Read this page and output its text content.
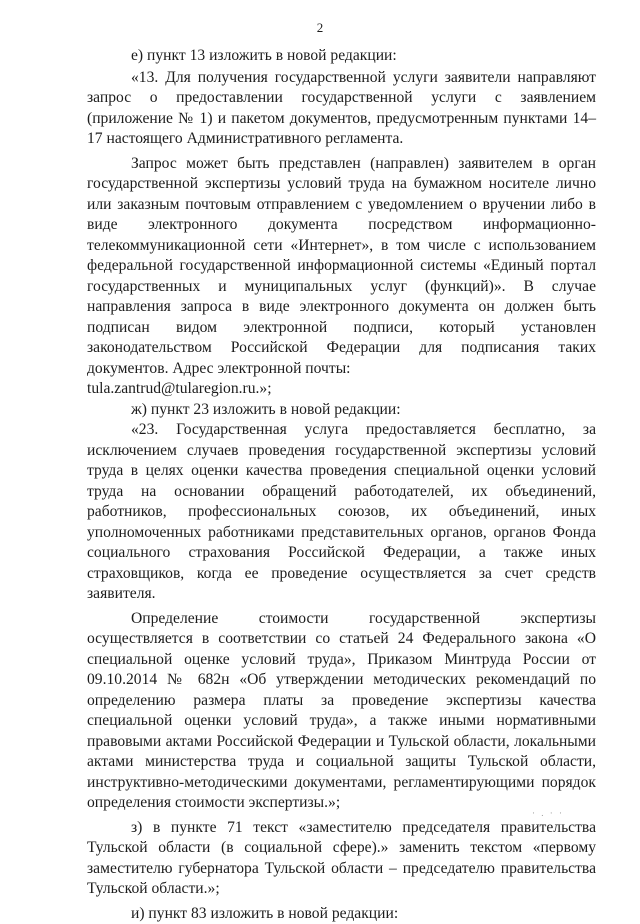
2

е) пункт 13 изложить в новой редакции:

«13. Для получения государственной услуги заявители направляют запрос о предоставлении государственной услуги с заявлением (приложение № 1) и пакетом документов, предусмотренным пунктами 14–17 настоящего Административного регламента.

Запрос может быть представлен (направлен) заявителем в орган государственной экспертизы условий труда на бумажном носителе лично или заказным почтовым отправлением с уведомлением о вручении либо в виде электронного документа посредством информационно-телекоммуникационной сети «Интернет», в том числе с использованием федеральной государственной информационной системы «Единый портал государственных и муниципальных услуг (функций)». В случае направления запроса в виде электронного документа он должен быть подписан видом электронной подписи, который установлен законодательством Российской Федерации для подписания таких документов. Адрес электронной почты:

tula.zantrud@tularegion.ru.»;

ж) пункт 23 изложить в новой редакции:

«23. Государственная услуга предоставляется бесплатно, за исключением случаев проведения государственной экспертизы условий труда в целях оценки качества проведения специальной оценки условий труда на основании обращений работодателей, их объединений, работников, профессиональных союзов, их объединений, иных уполномоченных работниками представительных органов, органов Фонда социального страхования Российской Федерации, а также иных страховщиков, когда ее проведение осуществляется за счет средств заявителя.

Определение стоимости государственной экспертизы осуществляется в соответствии со статьей 24 Федерального закона «О специальной оценке условий труда», Приказом Минтруда России от 09.10.2014 № 682н «Об утверждении методических рекомендаций по определению размера платы за проведение экспертизы качества специальной оценки условий труда», а также иными нормативными правовыми актами Российской Федерации и Тульской области, локальными актами министерства труда и социальной защиты Тульской области, инструктивно-методическими документами, регламентирующими порядок определения стоимости экспертизы.»;

з) в пункте 71 текст «заместителю председателя правительства Тульской области (в социальной сфере).» заменить текстом «первому заместителю губернатора Тульской области – председателю правительства Тульской области.»;

и) пункт 83 изложить в новой редакции:

· . · ·
